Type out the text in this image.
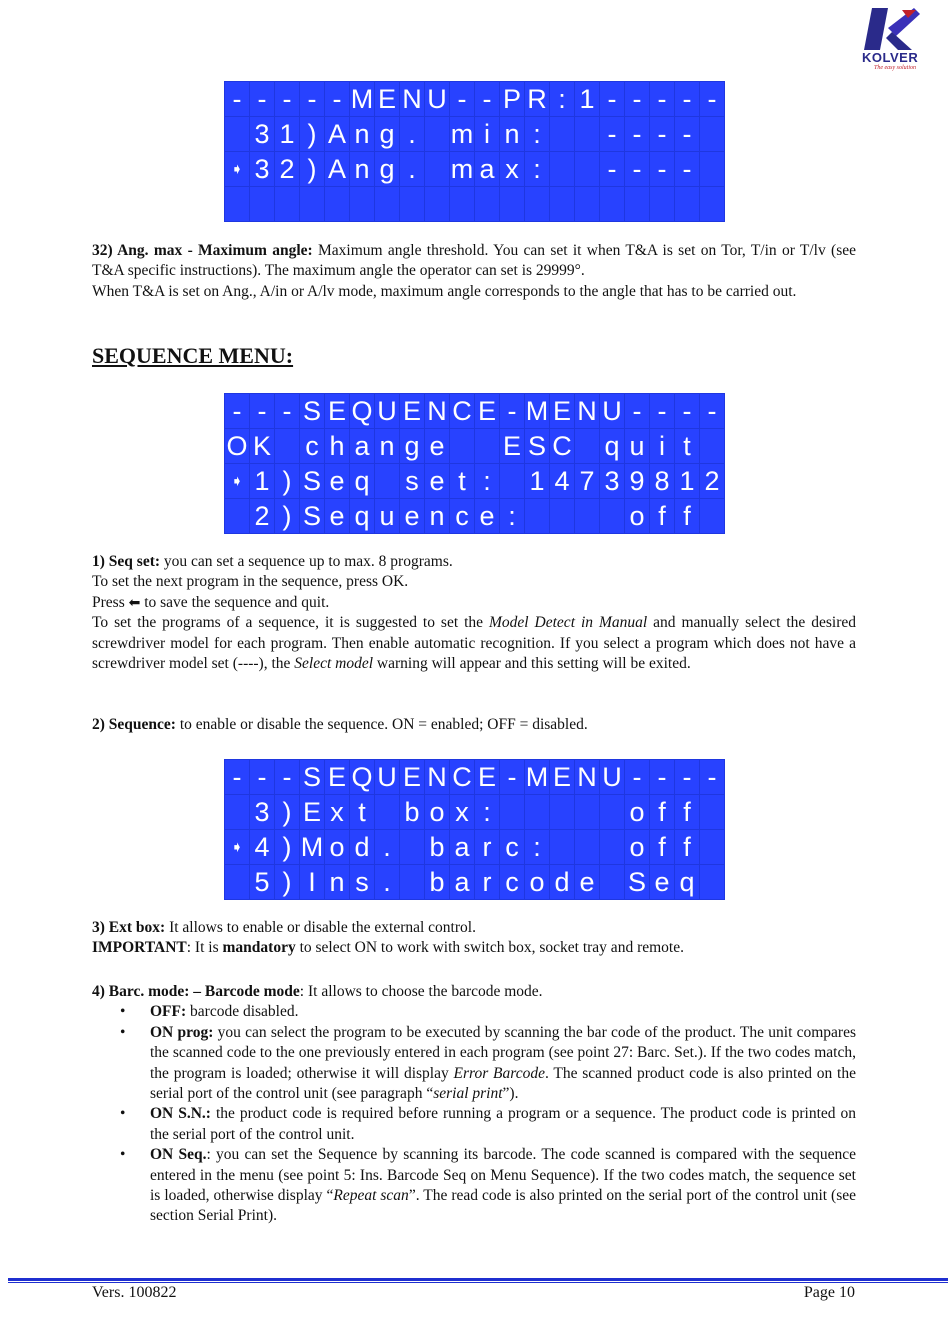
KOLVER
The easy solution
- - - - - M E N U - - P R : 1 - - - - -
3 1 ) A n g .	m i n :	- - - -
➧ 3 2 ) A n g .	m a x :	- - - -

32) Ang. max - Maximum angle: Maximum angle threshold. You can set it when T&A is set on Tor, T/in or T/lv (see T&A specific instructions). The maximum angle the operator can set is 29999°.

When T&A is set on Ang., A/in or A/lv mode, maximum angle corresponds to the angle that has to be carried out.

SEQUENCE MENU:
- - - S E Q U E N C E - M E N U - - - -
O K c h a n g e E S C q u i t
➧ 1 ) S e q s e t :	1 4 7 3 9 8 1 2
2 ) S e q u e n c e :	o f f

1) Seq set: you can set a sequence up to max. 8 programs.

To set the next program in the sequence, press OK.

Press ⬅ to save the sequence and quit.

To set the programs of a sequence, it is suggested to set the Model Detect in Manual and manually select the desired screwdriver model for each program. Then enable automatic recognition. If you select a program which does not have a screwdriver model set (----), the Select model warning will appear and this setting will be exited.

2) Sequence: to enable or disable the sequence. ON = enabled; OFF = disabled.

- - - S E Q U E N C E - M E N U - - - -
3 ) E x t	b o x :	o f f
➧ 4 ) M o d .	b a r c :	o f f
5 ) I n s .	b a r c o d e S e q

3) Ext box: It allows to enable or disable the external control.

IMPORTANT: It is mandatory to select ON to work with switch box, socket tray and remote.

4) Barc. mode: – Barcode mode: It allows to choose the barcode mode.

• OFF: barcode disabled.
• ON prog: you can select the program to be executed by scanning the bar code of the product. The unit compares the scanned code to the one previously entered in each program (see point 27: Barc. Set.). If the two codes match, the program is loaded; otherwise it will display Error Barcode. The scanned product code is also printed on the serial port of the control unit (see paragraph “serial print”).
• ON S.N.: the product code is required before running a program or a sequence. The product code is printed on the serial port of the control unit.
• ON Seq.: you can set the Sequence by scanning its barcode. The code scanned is compared with the sequence entered in the menu (see point 5: Ins. Barcode Seq on Menu Sequence). If the two codes match, the sequence set is loaded, otherwise display “Repeat scan”. The read code is also printed on the serial port of the control unit (see section Serial Print).
Vers. 100822	Page 10
